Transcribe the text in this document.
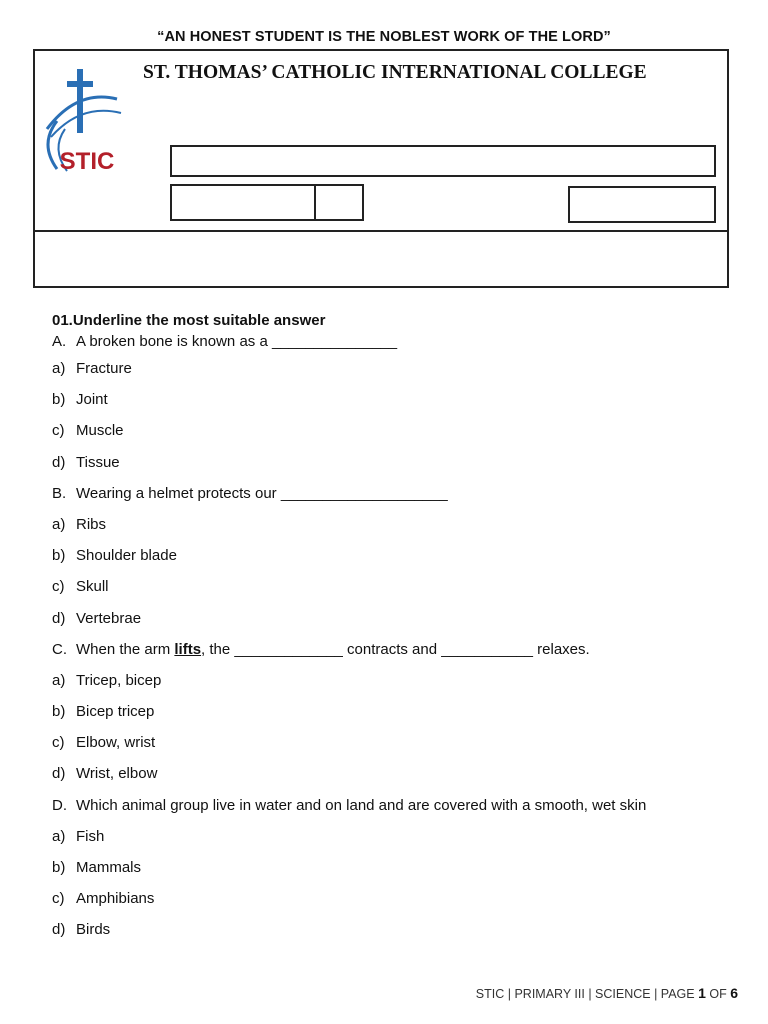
“AN HONEST STUDENT IS THE NOBLEST WORK OF THE LORD”
STIC
ST. THOMAS’ CATHOLIC INTERNATIONAL COLLEGE
01.Underline the most suitable answer
A. A broken bone is known as a _______________
a) Fracture
b) Joint
c) Muscle
d) Tissue
B. Wearing a helmet protects our ____________________
a) Ribs
b) Shoulder blade
c) Skull
d) Vertebrae
C. When the arm lifts, the _____________ contracts and ___________ relaxes.
a) Tricep, bicep
b) Bicep tricep
c) Elbow, wrist
d) Wrist, elbow
D. Which animal group live in water and on land and are covered with a smooth, wet skin
a) Fish
b) Mammals
c) Amphibians
d) Birds
STIC | PRIMARY III | SCIENCE | PAGE 1 OF 6
